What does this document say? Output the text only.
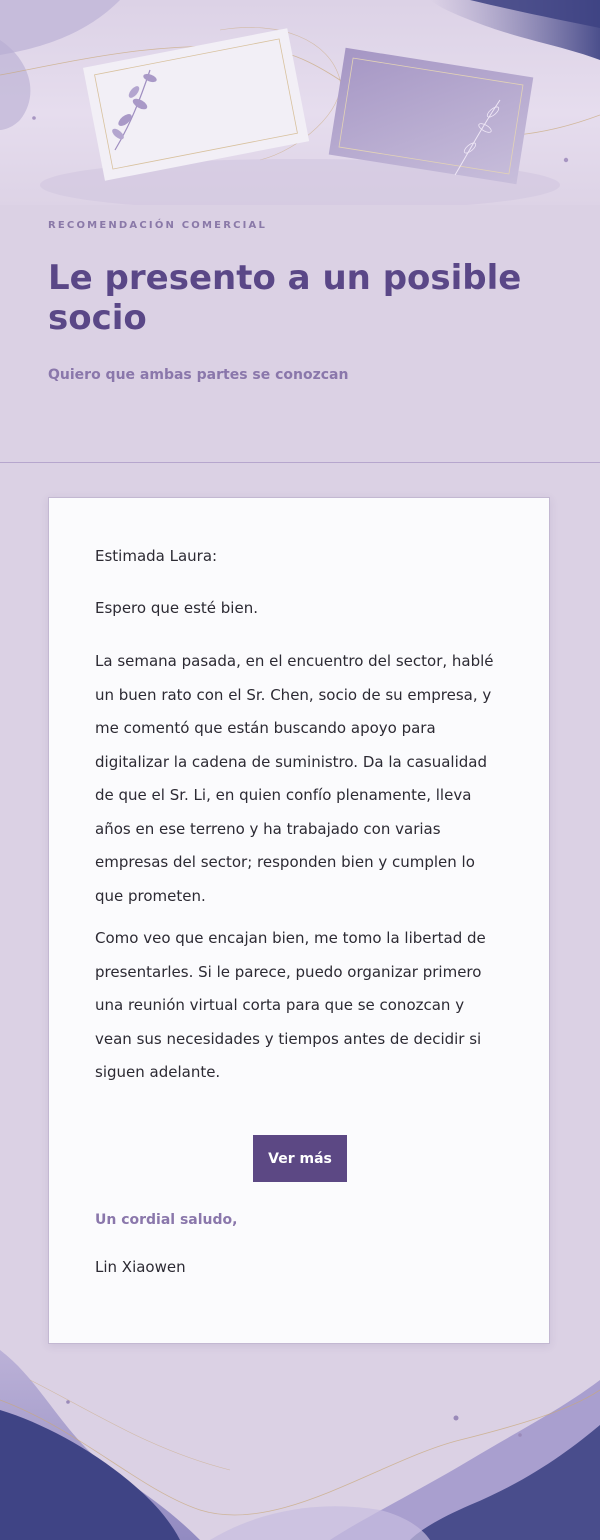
RECOMENDACIÓN COMERCIAL

Le presento a un posible socio

Quiero que ambas partes se conozcan

Estimada Laura:

Espero que esté bien.

La semana pasada, en el encuentro del sector, hablé un buen rato con el Sr. Chen, socio de su empresa, y me comentó que están buscando apoyo para digitalizar la cadena de suministro. Da la casualidad de que el Sr. Li, en quien confío plenamente, lleva años en ese terreno y ha trabajado con varias empresas del sector; responden bien y cumplen lo que prometen.

Como veo que encajan bien, me tomo la libertad de presentarles. Si le parece, puedo organizar primero una reunión virtual corta para que se conozcan y vean sus necesidades y tiempos antes de decidir si siguen adelante.

Ver más

Un cordial saludo,

Lin Xiaowen
